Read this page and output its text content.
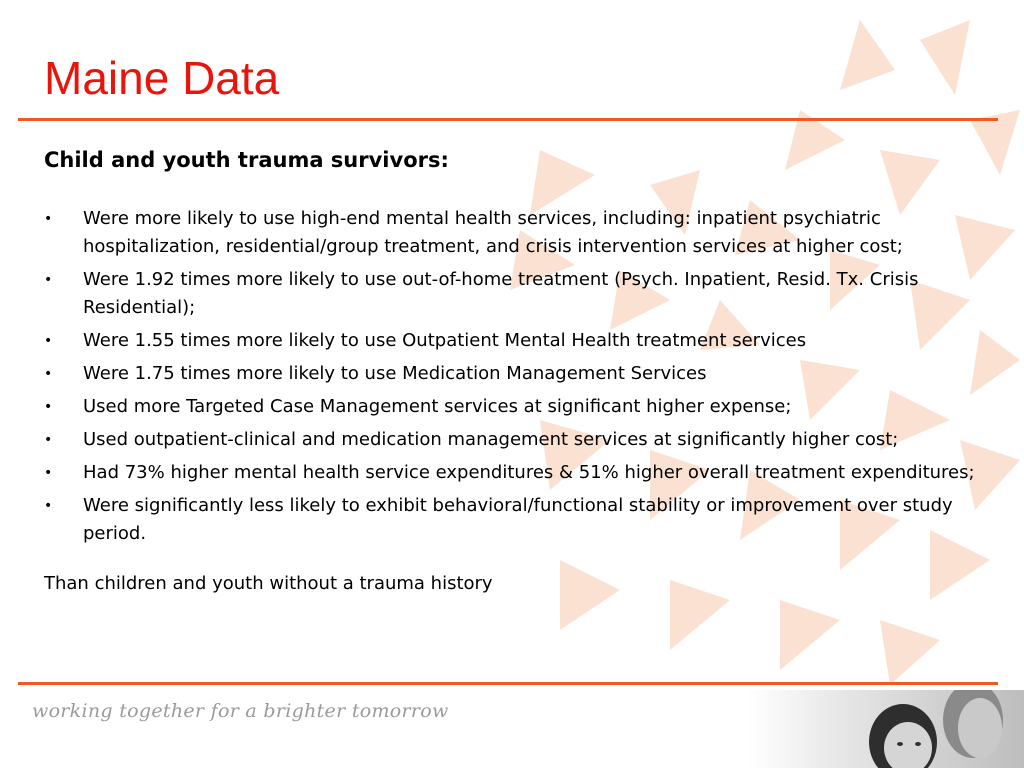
Maine Data

Child and youth trauma survivors:

• Were more likely to use high-end mental health services, including: inpatient psychiatric hospitalization, residential/group treatment, and crisis intervention services at higher cost;
• Were 1.92 times more likely to use out-of-home treatment (Psych. Inpatient, Resid. Tx. Crisis Residential);
• Were 1.55 times more likely to use Outpatient Mental Health treatment services
• Were 1.75 times more likely to use Medication Management Services
• Used more Targeted Case Management services at significant higher expense;
• Used outpatient-clinical and medication management services at significantly higher cost;
• Had 73% higher mental health service expenditures & 51% higher overall treatment expenditures;
• Were significantly less likely to exhibit behavioral/functional stability or improvement over study period.

Than children and youth without a trauma history

working together for a brighter tomorrow
